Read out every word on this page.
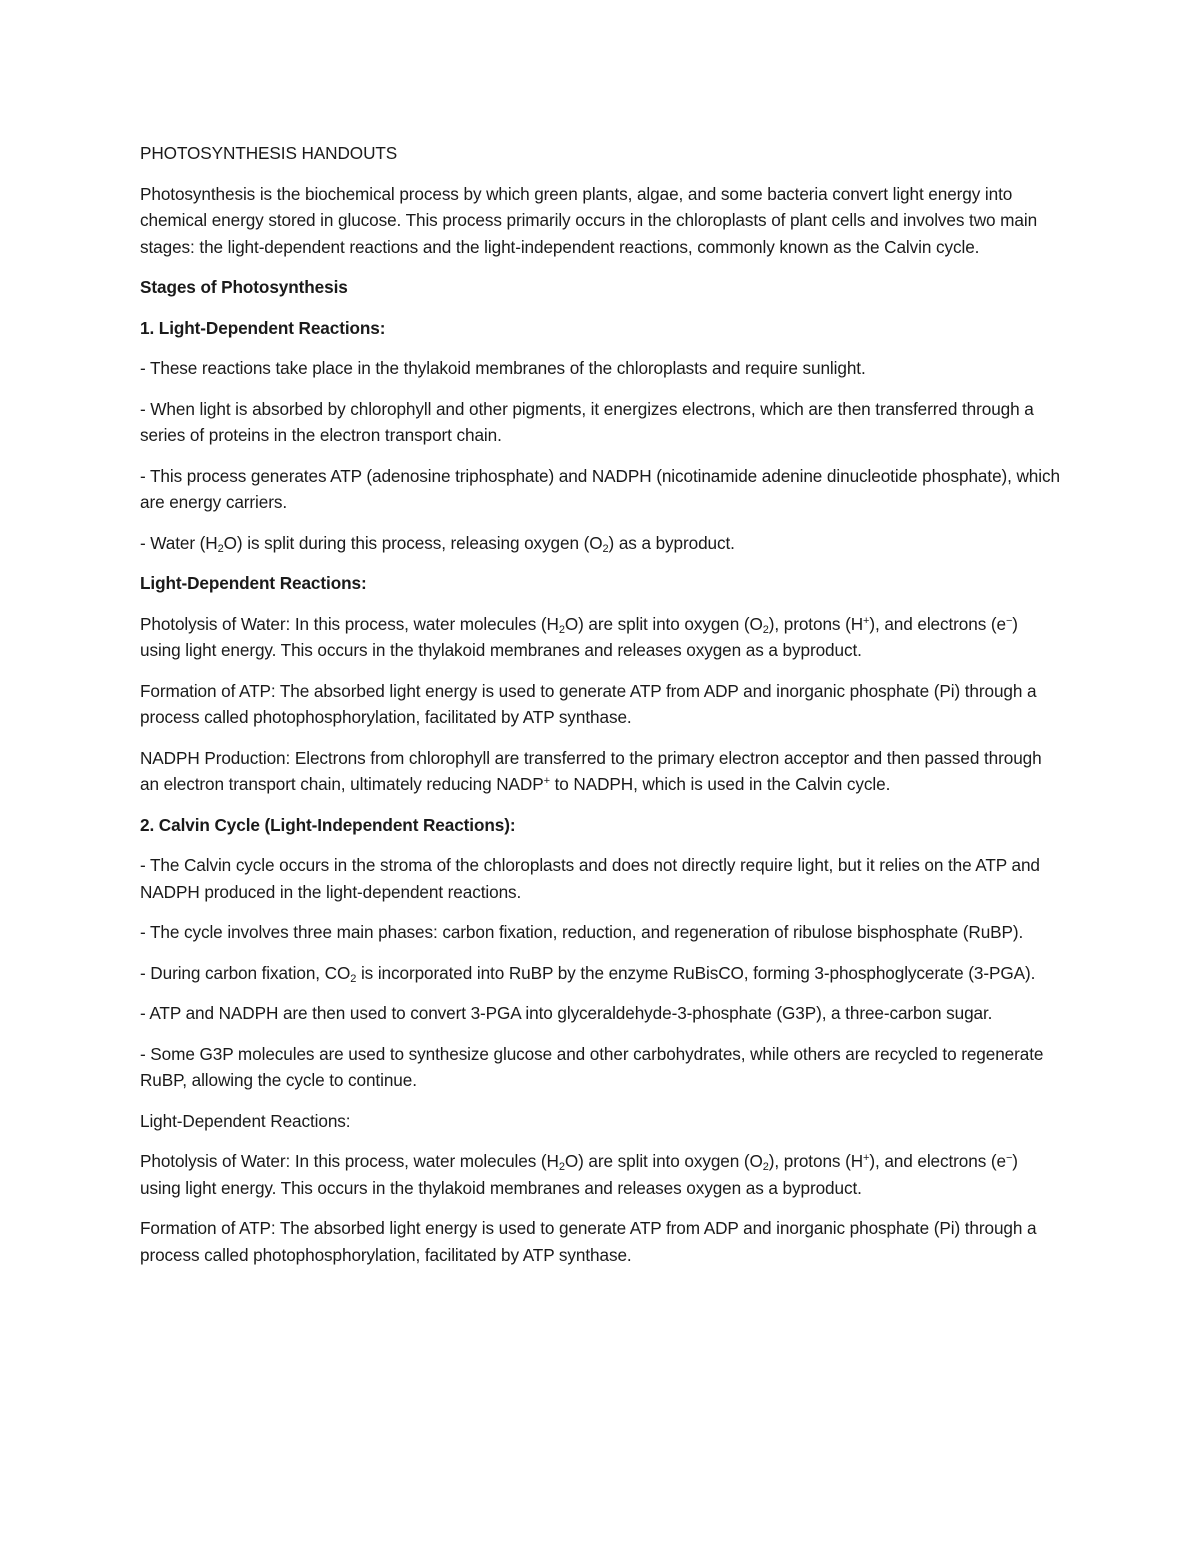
PHOTOSYNTHESIS HANDOUTS

Photosynthesis is the biochemical process by which green plants, algae, and some bacteria convert light energy into chemical energy stored in glucose. This process primarily occurs in the chloroplasts of plant cells and involves two main stages: the light-dependent reactions and the light-independent reactions, commonly known as the Calvin cycle.

Stages of Photosynthesis

1. Light-Dependent Reactions:

- These reactions take place in the thylakoid membranes of the chloroplasts and require sunlight.

- When light is absorbed by chlorophyll and other pigments, it energizes electrons, which are then transferred through a series of proteins in the electron transport chain.

- This process generates ATP (adenosine triphosphate) and NADPH (nicotinamide adenine dinucleotide phosphate), which are energy carriers.

- Water $(H_2O)$ is split during this process, releasing oxygen $(O_2)$ as a byproduct.

Light-Dependent Reactions:

Photolysis of Water: In this process, water molecules $(H_2O)$ are split into oxygen $(O_2)$, protons (H+), and electrons (e−) using light energy. This occurs in the thylakoid membranes and releases oxygen as a byproduct.

Formation of ATP: The absorbed light energy is used to generate ATP from ADP and inorganic phosphate (Pi) through a process called photophosphorylation, facilitated by ATP synthase.

NADPH Production: Electrons from chlorophyll are transferred to the primary electron acceptor and then passed through an electron transport chain, ultimately reducing NADP+ to NADPH, which is used in the Calvin cycle.

2. Calvin Cycle (Light-Independent Reactions):

- The Calvin cycle occurs in the stroma of the chloroplasts and does not directly require light, but it relies on the ATP and NADPH produced in the light-dependent reactions.

- The cycle involves three main phases: carbon fixation, reduction, and regeneration of ribulose bisphosphate (RuBP).

- During carbon fixation, $CO_2$ is incorporated into RuBP by the enzyme RuBisCO, forming 3-phosphoglycerate (3-PGA).

- ATP and NADPH are then used to convert 3-PGA into glyceraldehyde-3-phosphate (G3P), a three-carbon sugar.

- Some G3P molecules are used to synthesize glucose and other carbohydrates, while others are recycled to regenerate RuBP, allowing the cycle to continue.

Light-Dependent Reactions:

Photolysis of Water: In this process, water molecules $(H_2O)$ are split into oxygen $(O_2)$, protons (H+), and electrons (e−) using light energy. This occurs in the thylakoid membranes and releases oxygen as a byproduct.

Formation of ATP: The absorbed light energy is used to generate ATP from ADP and inorganic phosphate (Pi) through a process called photophosphorylation, facilitated by ATP synthase.
